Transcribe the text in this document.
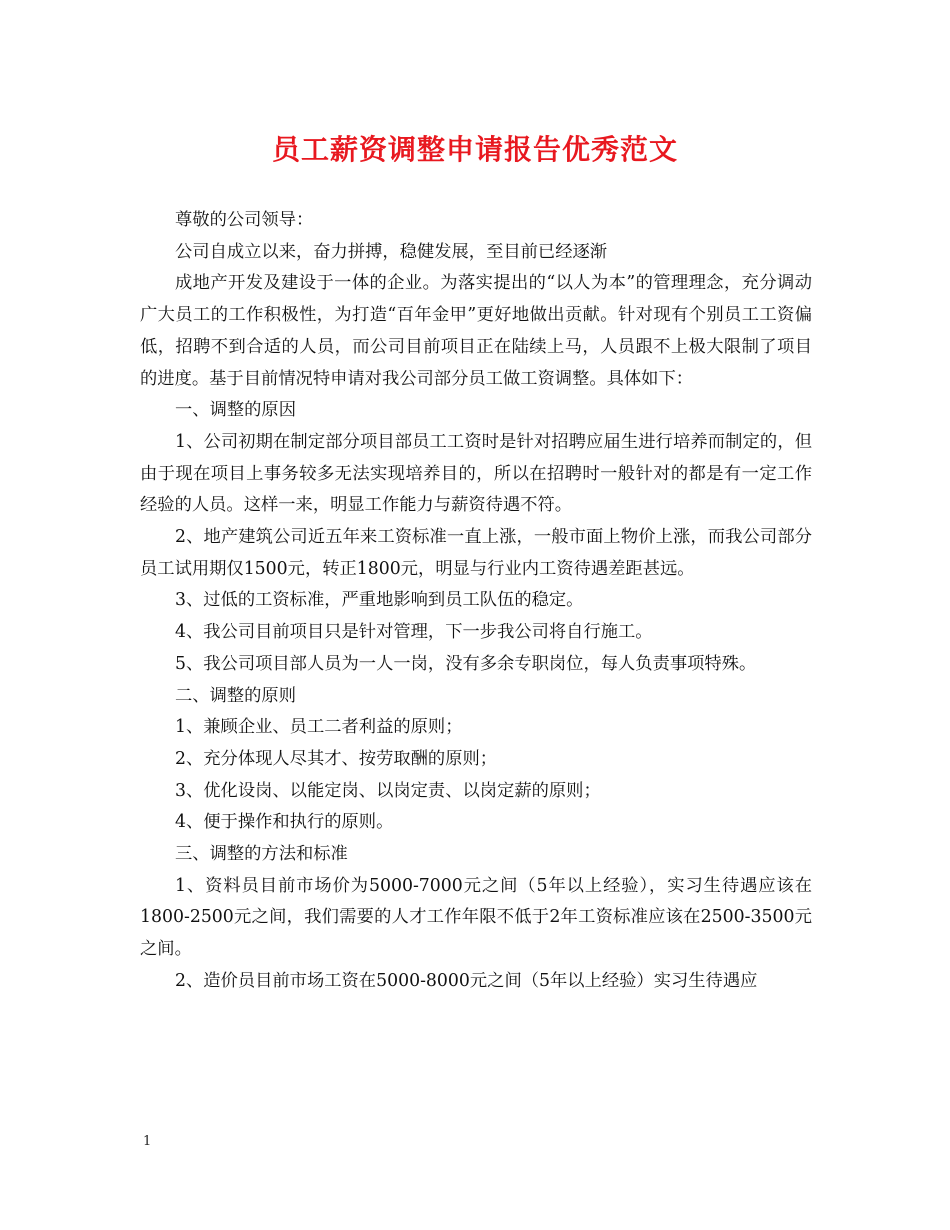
员工薪资调整申请报告优秀范文

尊敬的公司领导：

公司自成立以来，奋力拼搏，稳健发展，至目前已经逐渐

成地产开发及建设于一体的企业。为落实提出的“以人为本”的管理理念，充分调动广大员工的工作积极性，为打造“百年金甲”更好地做出贡献。针对现有个别员工工资偏低，招聘不到合适的人员，而公司目前项目正在陆续上马，人员跟不上极大限制了项目的进度。基于目前情况特申请对我公司部分员工做工资调整。具体如下：

一、调整的原因

1、公司初期在制定部分项目部员工工资时是针对招聘应届生进行培养而制定的，但由于现在项目上事务较多无法实现培养目的，所以在招聘时一般针对的都是有一定工作经验的人员。这样一来，明显工作能力与薪资待遇不符。

2、地产建筑公司近五年来工资标准一直上涨，一般市面上物价上涨，而我公司部分员工试用期仅1500元，转正1800元，明显与行业内工资待遇差距甚远。

3、过低的工资标准，严重地影响到员工队伍的稳定。

4、我公司目前项目只是针对管理，下一步我公司将自行施工。

5、我公司项目部人员为一人一岗，没有多余专职岗位，每人负责事项特殊。

二、调整的原则

1、兼顾企业、员工二者利益的原则；

2、充分体现人尽其才、按劳取酬的原则；

3、优化设岗、以能定岗、以岗定责、以岗定薪的原则；

4、便于操作和执行的原则。

三、调整的方法和标准

1、资料员目前市场价为5000-7000元之间（5年以上经验），实习生待遇应该在1800-2500元之间，我们需要的人才工作年限不低于2年工资标准应该在2500-3500元之间。

2、造价员目前市场工资在5000-8000元之间（5年以上经验）实习生待遇应

1
